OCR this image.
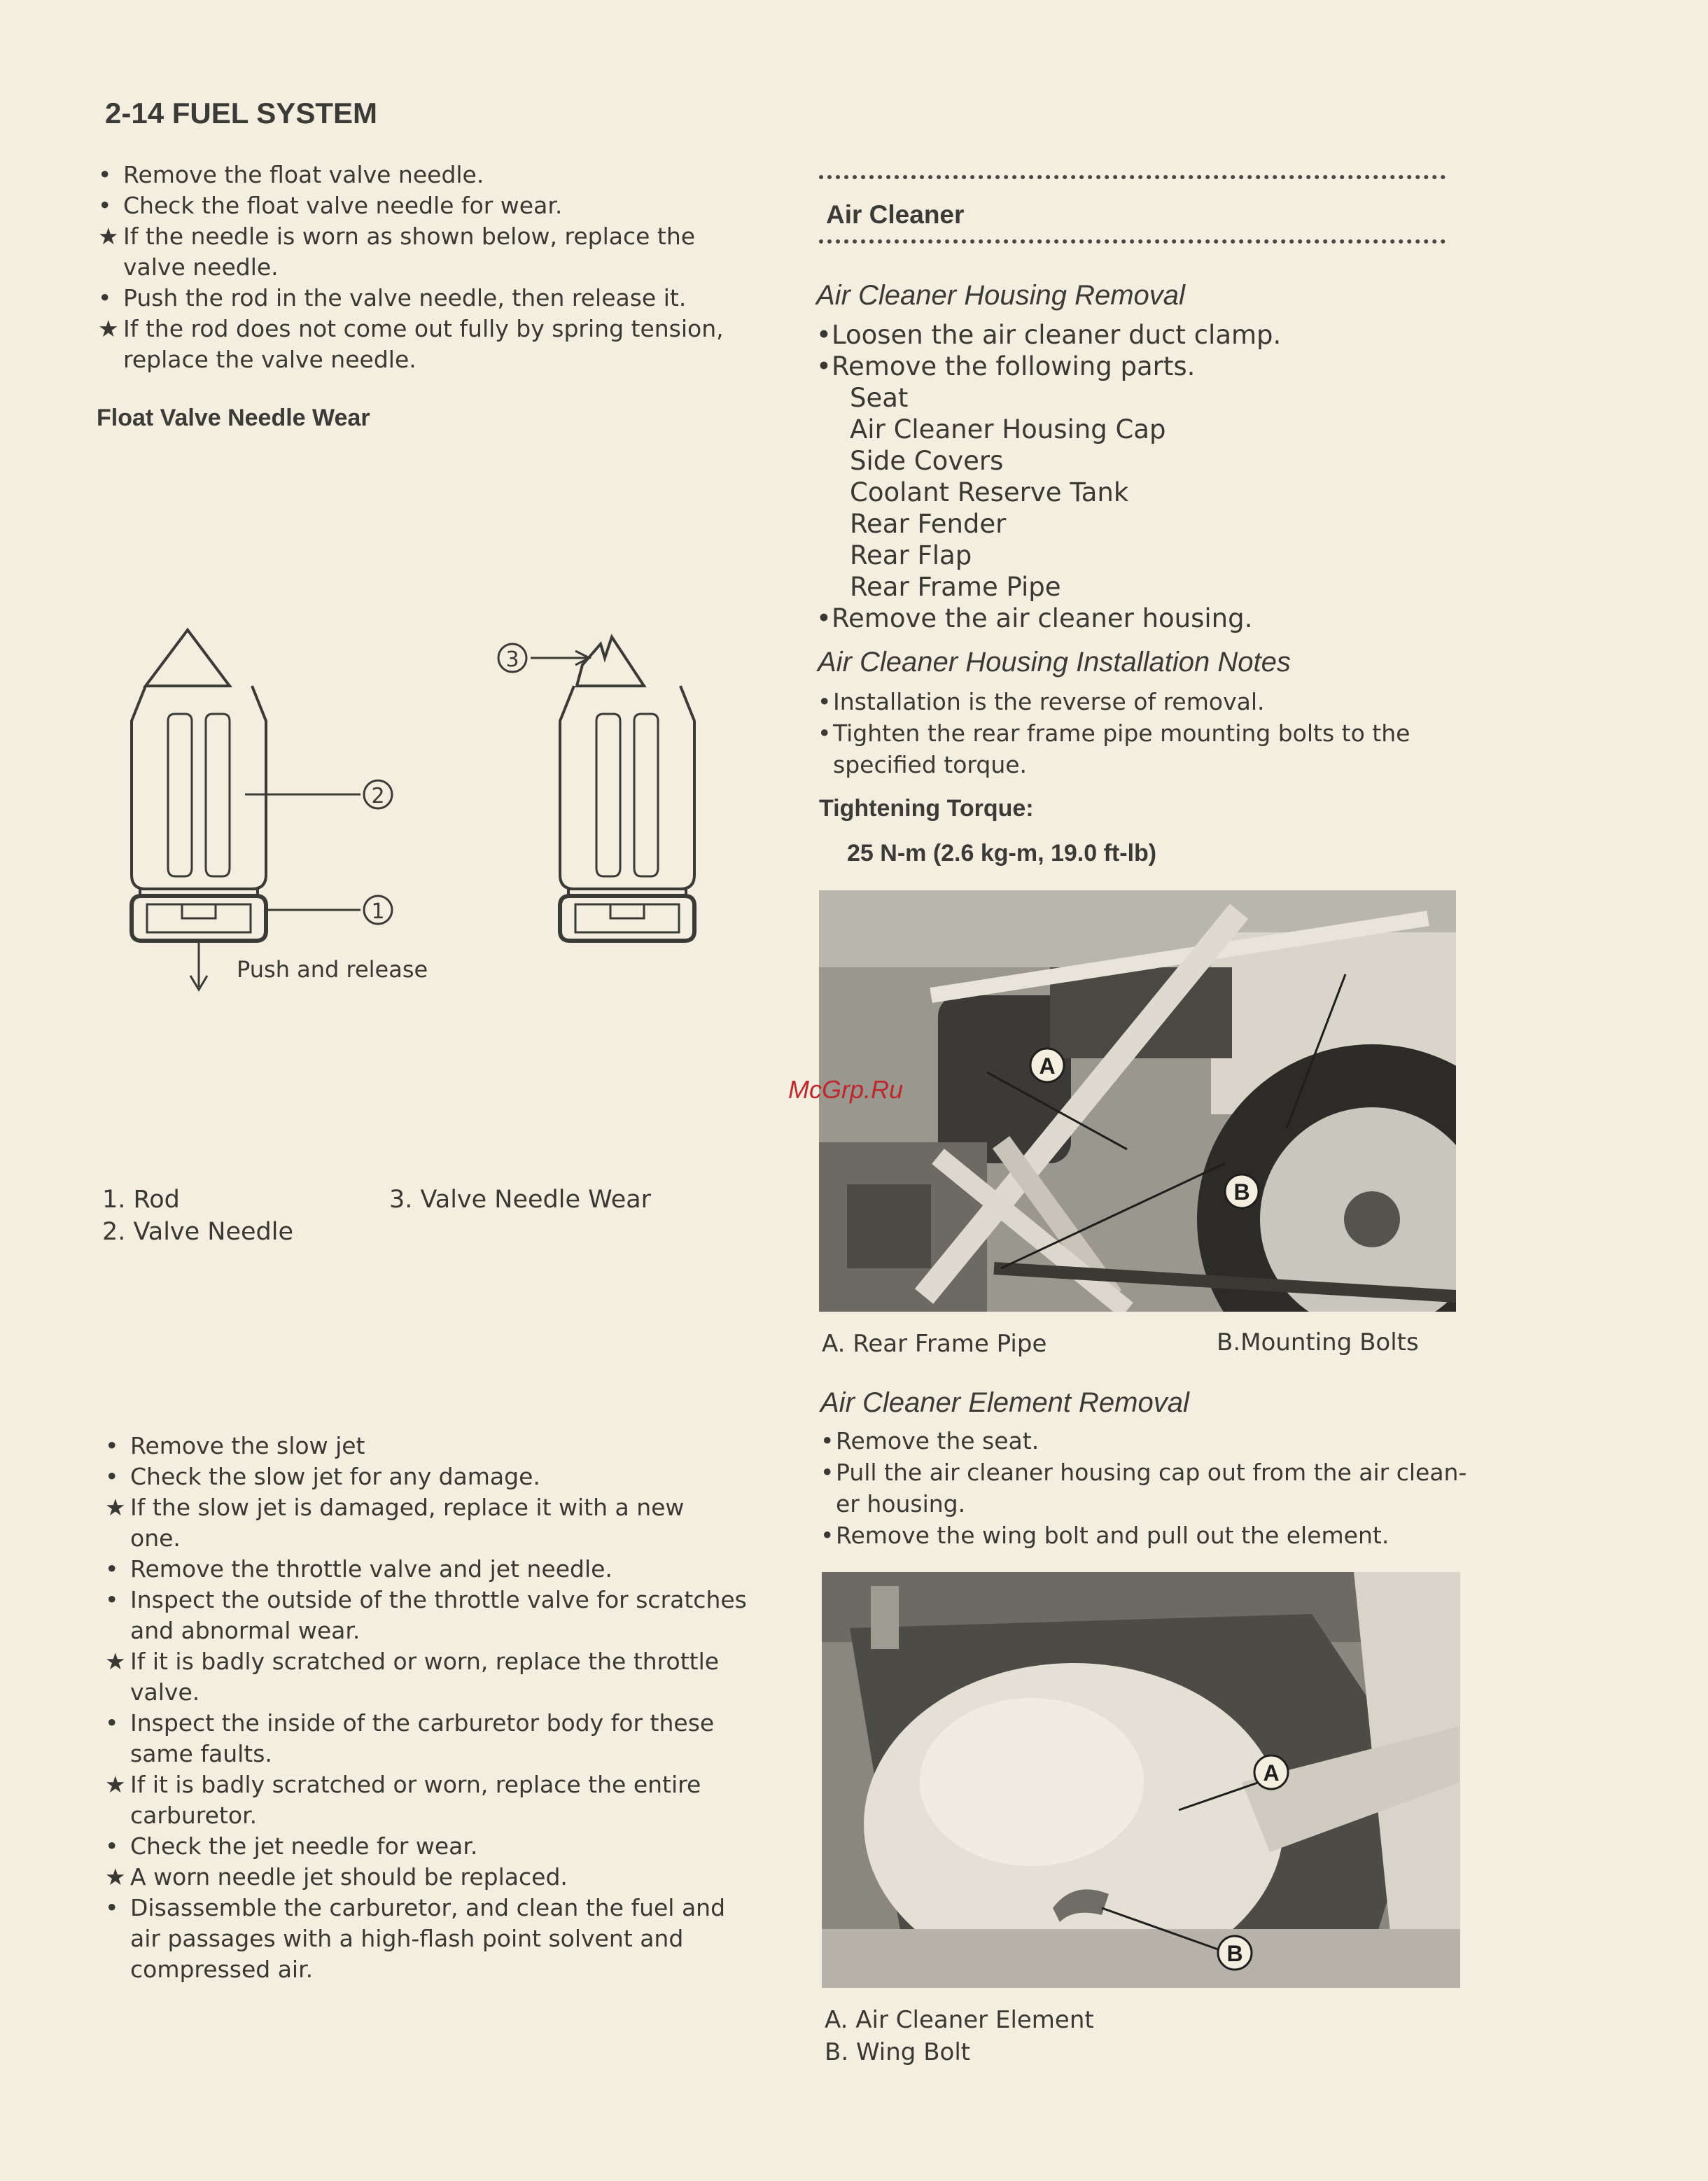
2-14 FUEL SYSTEM
• Remove the float valve needle.
• Check the float valve needle for wear.
★ If the needle is worn as shown below, replace the
valve needle.
• Push the rod in the valve needle, then release it.
★ If the rod does not come out fully by spring tension,
replace the valve needle.
Float Valve Needle Wear
1
2
3
Push and release
1. Rod
2. Valve Needle
3. Valve Needle Wear
• Remove the slow jet
• Check the slow jet for any damage.
★ If the slow jet is damaged, replace it with a new
one.
• Remove the throttle valve and jet needle.
• Inspect the outside of the throttle valve for scratches
and abnormal wear.
★ If it is badly scratched or worn, replace the throttle
valve.
• Inspect the inside of the carburetor body for these
same faults.
★ If it is badly scratched or worn, replace the entire
carburetor.
• Check the jet needle for wear.
★ A worn needle jet should be replaced.
• Disassemble the carburetor, and clean the fuel and
air passages with a high-flash point solvent and
compressed air.
Air Cleaner
Air Cleaner Housing Removal
•Loosen the air cleaner duct clamp.
•Remove the following parts.
Seat
Air Cleaner Housing Cap
Side Covers
Coolant Reserve Tank
Rear Fender
Rear Flap
Rear Frame Pipe
•Remove the air cleaner housing.
Air Cleaner Housing Installation Notes
•Installation is the reverse of removal.
•Tighten the rear frame pipe mounting bolts to the
specified torque.
Tightening Torque:
25 N-m (2.6 kg-m, 19.0 ft-lb)
A
B
McGrp.Ru
A. Rear Frame Pipe	B.Mounting Bolts
Air Cleaner Element Removal
•Remove the seat.
•Pull the air cleaner housing cap out from the air clean-
er housing.
•Remove the wing bolt and pull out the element.
A
B
A. Air Cleaner Element
B. Wing Bolt
